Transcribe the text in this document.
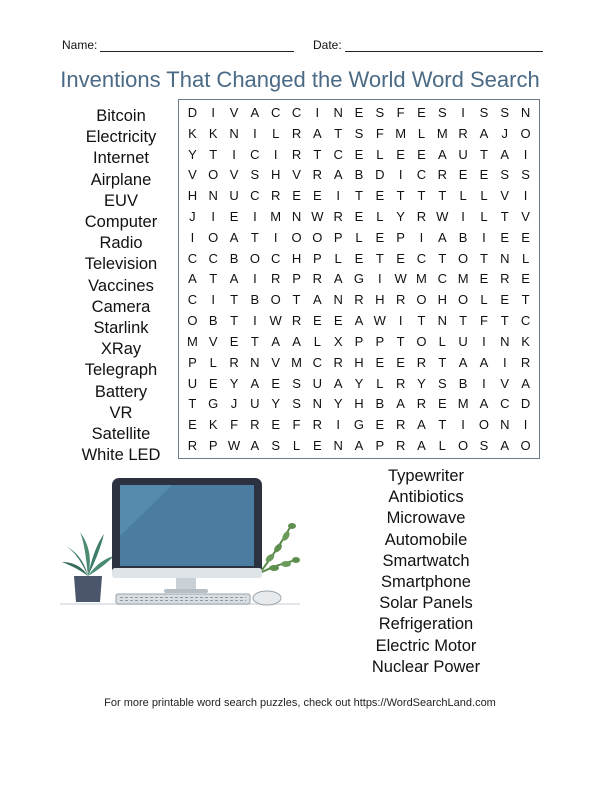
Name:	Date:
Inventions That Changed the World Word Search
Bitcoin
Electricity
Internet
Airplane
EUV
Computer
Radio
Television
Vaccines
Camera
Starlink
XRay
Telegraph
Battery
VR
Satellite
White LED
D	I	V A C C	I	N E S F E S	I	S S N
K K N	I	L R A T S F M L M R A	J O
Y T	I	C	I	R T C E L E E A U T A	I
V O V S H V R A B D	I	C R E E S S
H N U C R E E	I	T E T T T	L	L V	I
J	I	E	I	M N W R E L Y R W I	L	T V
I	O A T	I	O O P L E P	I	A B	I	E E
C C B O C H P L E T E C T O T N L
A T A	I	R P R A G	I W M C M E R E
C	I	T B O T A N R H R O H O L E T
O B T	I W R E E A W I	T N T F T C
M V E T A A L X P P T O L U	I	N K
P L R N V M C R H E E R T A A	I	R
U E Y A E S U A Y L R Y S B	I	V A
T G J U Y S N Y H B A R E M A C D
E K F R E F R	I	G E R A T	I	O N	I
R P W A S L E N A P R A L O S A O
Typewriter
Antibiotics
Microwave
Automobile
Smartwatch
Smartphone
Solar Panels
Refrigeration
Electric Motor
Nuclear Power
For more printable word search puzzles, check out https://WordSearchLand.com
